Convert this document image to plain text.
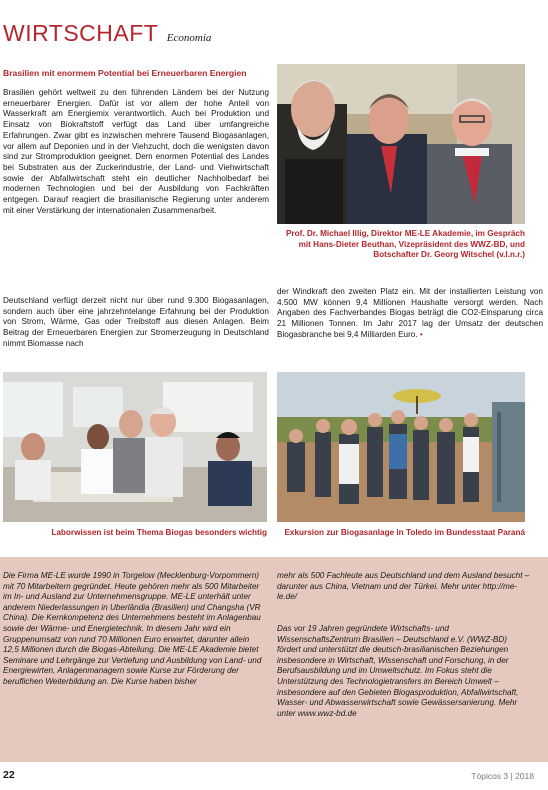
WIRTSCHAFT Economia
Brasilien mit enormem Potential bei Erneuerbaren Energien

Brasilien gehört weltweit zu den führenden Ländern bei der Nutzung erneuerbarer Energien. Dafür ist vor allem der hohe Anteil von Wasserkraft am Energiemix verantwortlich. Auch bei Produktion und Einsatz von Biokraftstoff verfügt das Land über umfangreiche Erfahrungen. Zwar gibt es inzwischen mehrere Tausend Biogasanlagen, vor allem auf Deponien und in der Viehzucht, doch die wenigsten davon sind zur Stromproduktion geeignet. Dem enormen Potential des Landes bei Substraten aus der Zuckerindustrie, der Land- und Viehwirtschaft sowie der Abfallwirtschaft steht ein deutlicher Nachholbedarf bei modernen Technologien und bei der Ausbildung von Fachkräften entgegen. Darauf reagiert die brasilianische Regierung unter anderem mit einer Verstärkung der internationalen Zusammenarbeit.

Deutschland verfügt derzeit nicht nur über rund 9.300 Biogasanlagen, sondern auch über eine jahrzehntelange Erfahrung bei der Produktion von Strom, Wärme, Gas oder Treibstoff aus diesen Anlagen. Beim Beitrag der Erneuerbaren Energien zur Stromerzeugung in Deutschland nimmt Biomasse nach

der Windkraft den zweiten Platz ein. Mit der installierten Leistung von 4.500 MW können 9,4 Millionen Haushalte versorgt werden. Nach Angaben des Fachverbandes Biogas beträgt die CO2-Einsparung circa 21 Millionen Tonnen. Im Jahr 2017 lag der Umsatz der deutschen Biogasbranche bei 9,4 Milliarden Euro. •

Prof. Dr. Michael Illig, Direktor ME-LE Akademie, im Gespräch mit Hans-Dieter Beuthan, Vizepräsident des WWZ-BD, und Botschafter Dr. Georg Witschel (v.l.n.r.)
Laborwissen ist beim Thema Biogas besonders wichtig	Exkursion zur Biogasanlage in Toledo im Bundesstaat Paraná

Die Firma ME-LE wurde 1990 in Torgelow (Mecklenburg-Vorpommern) mit 70 Mitarbeitern gegründet. Heute gehören mehr als 500 Mitarbeiter im In- und Ausland zur Unternehmensgruppe. ME-LE unterhält unter anderem Niederlassungen in Uberlândia (Brasilien) und Changsha (VR China). Die Kernkompetenz des Unternehmens besteht im Anlagenbau sowie der Wärme- und Energietechnik. In diesem Jahr wird ein Gruppenumsatz von rund 70 Millionen Euro erwartet, darunter allein 12,5 Millionen durch die Biogas-Abteilung. Die ME-LE Akademie bietet Seminare und Lehrgänge zur Vertiefung und Ausbildung von Land- und Energiewirten, Anlagenmanagern sowie Kurse zur Förderung der beruflichen Weiterbildung an. Die Kurse haben bisher

mehr als 500 Fachleute aus Deutschland und dem Ausland besucht – darunter aus China, Vietnam und der Türkei. Mehr unter http://me-le.de/

Das vor 19 Jahren gegründete Wirtschafts- und WissenschaftsZentrum Brasilien – Deutschland e.V. (WWZ-BD) fördert und unterstützt die deutsch-brasilianischen Beziehungen insbesondere in Wirtschaft, Wissenschaft und Forschung, in der Berufsausbildung und im Umweltschutz. Im Fokus steht die Unterstützung des Technologietransfers im Bereich Umwelt – insbesondere auf den Gebieten Biogasproduktion, Abfallwirtschaft, Wasser- und Abwasserwirtschaft sowie Gewässersanierung. Mehr unter www.wwz-bd.de

22	Tópicos 3 | 2018
